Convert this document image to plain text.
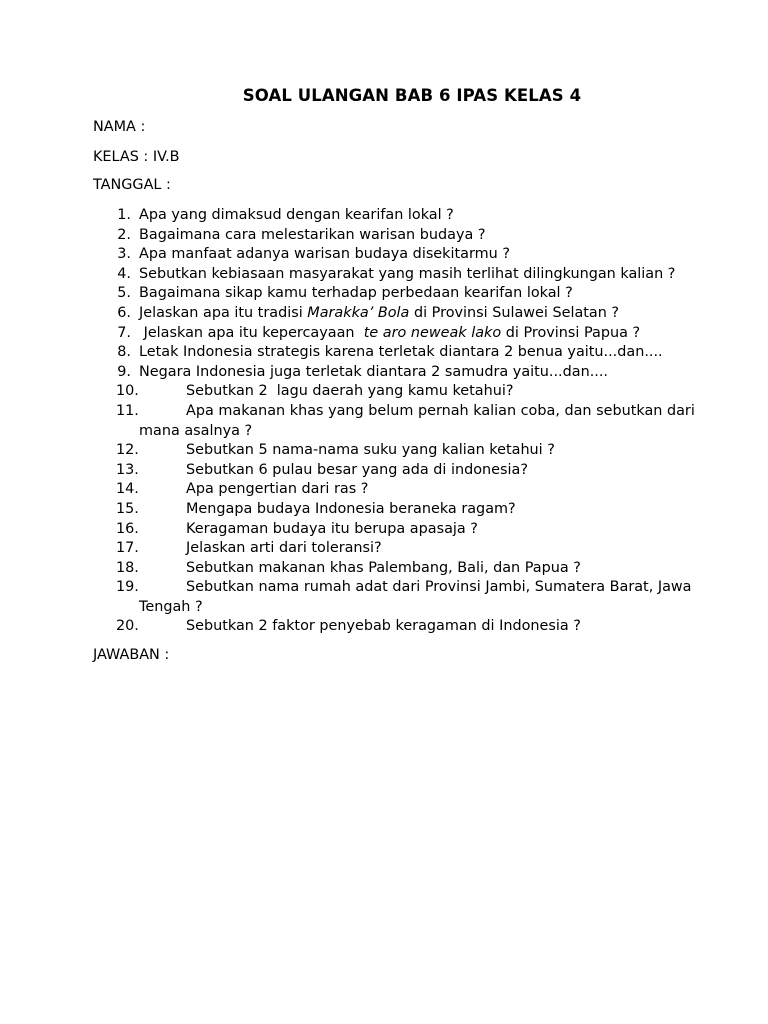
SOAL ULANGAN BAB 6 IPAS KELAS 4
NAMA :
KELAS : IV.B
TANGGAL :
1. Apa yang dimaksud dengan kearifan lokal ?
2. Bagaimana cara melestarikan warisan budaya ?
3. Apa manfaat adanya warisan budaya disekitarmu ?
4. Sebutkan kebiasaan masyarakat yang masih terlihat dilingkungan kalian ?
5. Bagaimana sikap kamu terhadap perbedaan kearifan lokal ?
6. Jelaskan apa itu tradisi Marakka’ Bola di Provinsi Sulawei Selatan ?
7. Jelaskan apa itu kepercayaan  te aro neweak lako di Provinsi Papua ?
8. Letak Indonesia strategis karena terletak diantara 2 benua yaitu...dan....
9. Negara Indonesia juga terletak diantara 2 samudra yaitu...dan....
10.	Sebutkan 2  lagu daerah yang kamu ketahui?
11.	Apa makanan khas yang belum pernah kalian coba, dan sebutkan dari
mana asalnya ?
12.	Sebutkan 5 nama-nama suku yang kalian ketahui ?
13.	Sebutkan 6 pulau besar yang ada di indonesia?
14.	Apa pengertian dari ras ?
15.	Mengapa budaya Indonesia beraneka ragam?
16.	Keragaman budaya itu berupa apasaja ?
17.	Jelaskan arti dari toleransi?
18.	Sebutkan makanan khas Palembang, Bali, dan Papua ?
19.	Sebutkan nama rumah adat dari Provinsi Jambi, Sumatera Barat, Jawa
Tengah ?
20.	Sebutkan 2 faktor penyebab keragaman di Indonesia ?
JAWABAN :
